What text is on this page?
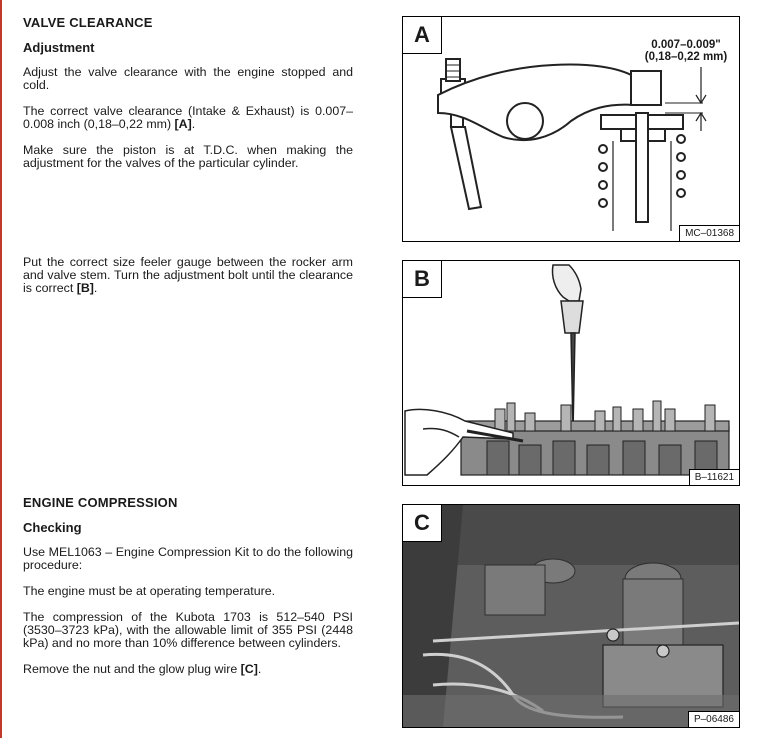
VALVE CLEARANCE
Adjustment

Adjust the valve clearance with the engine stopped and cold.

The correct valve clearance (Intake & Exhaust) is 0.007–0.008 inch (0,18–0,22 mm) [A].

Make sure the piston is at T.D.C. when making the adjustment for the valves of the particular cylinder.

Put the correct size feeler gauge between the rocker arm and valve stem. Turn the adjustment bolt until the clearance is correct [B].

ENGINE COMPRESSION
Checking

Use MEL1063 – Engine Compression Kit to do the following procedure:

The engine must be at operating temperature.

The compression of the Kubota 1703 is 512–540 PSI (3530–3723 kPa), with the allowable limit of 355 PSI (2448 kPa) and no more than 10% difference between cylinders.

Remove the nut and the glow plug wire [C].

A	0.007–0.009"
(0,18–0,22 mm)
MC–01368
B
B–11621
C
P–06486
